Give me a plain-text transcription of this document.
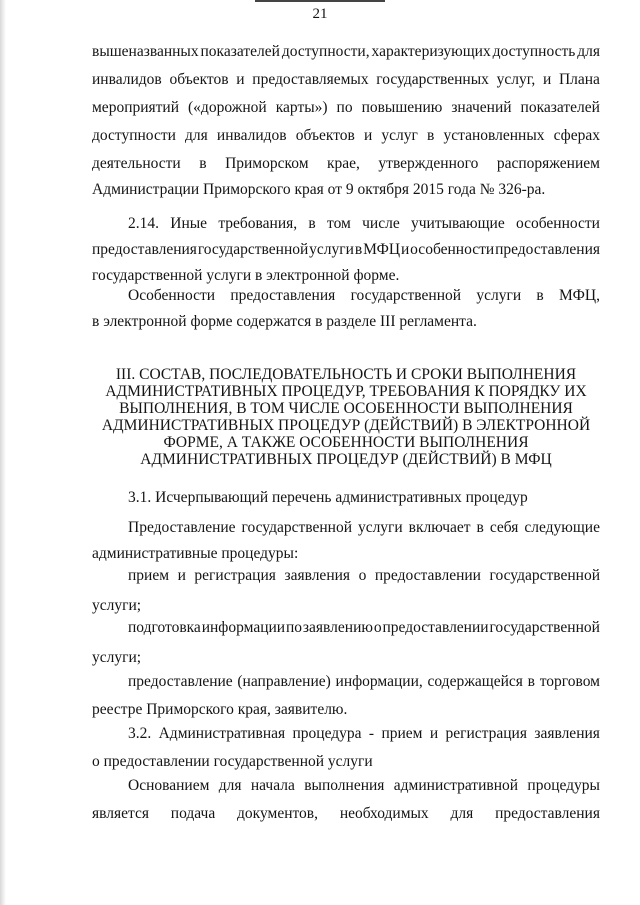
21
вышеназванных показателей доступности, характеризующих доступность для
инвалидов объектов и предоставляемых государственных услуг, и Плана
мероприятий («дорожной карты») по повышению значений показателей
доступности для инвалидов объектов и услуг в установленных сферах
деятельности в Приморском крае, утвержденного распоряжением
Администрации Приморского края от 9 октября 2015 года № 326-ра.
2.14. Иные требования, в том числе учитывающие особенности
предоставления государственной услуги в МФЦ и особенности предоставления
государственной услуги в электронной форме.
Особенности предоставления государственной услуги в МФЦ,
в электронной форме содержатся в разделе III регламента.
III. СОСТАВ, ПОСЛЕДОВАТЕЛЬНОСТЬ И СРОКИ ВЫПОЛНЕНИЯ
АДМИНИСТРАТИВНЫХ ПРОЦЕДУР, ТРЕБОВАНИЯ К ПОРЯДКУ ИХ
ВЫПОЛНЕНИЯ, В ТОМ ЧИСЛЕ ОСОБЕННОСТИ ВЫПОЛНЕНИЯ
АДМИНИСТРАТИВНЫХ ПРОЦЕДУР (ДЕЙСТВИЙ) В ЭЛЕКТРОННОЙ
ФОРМЕ, А ТАКЖЕ ОСОБЕННОСТИ ВЫПОЛНЕНИЯ
АДМИНИСТРАТИВНЫХ ПРОЦЕДУР (ДЕЙСТВИЙ) В МФЦ
3.1. Исчерпывающий перечень административных процедур
Предоставление государственной услуги включает в себя следующие
административные процедуры:
прием и регистрация заявления о предоставлении государственной
услуги;
подготовка информации по заявлению о предоставлении государственной
услуги;
предоставление (направление) информации, содержащейся в торговом
реестре Приморского края, заявителю.
3.2. Административная процедура - прием и регистрация заявления
о предоставлении государственной услуги
Основанием для начала выполнения административной процедуры
является подача документов, необходимых для предоставления
